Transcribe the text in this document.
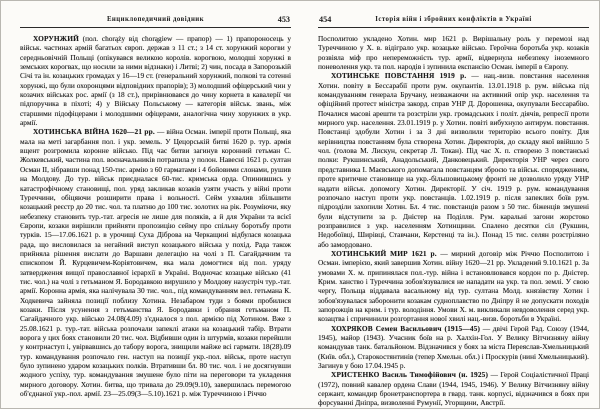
Енциклопедичний довідник	453

ХОРУНЖИЙ (пол. chorąży від chorągiew — прапор) — 1) прапороносець у військ. частинах армій багатьох європ. держав з 11 ст.; з 14 ст. хорунжий корогви у середньовічній Польщі (опікувався великою королів. корогвою, молодші хорунжі в земських корогвах, що носили за ними відзнаки) і Литві; 2) чин, посада в Запорозькій Січі та ін. козацьких громадах у 16—19 ст. (генеральний хорунжий, полкові та сотенні хорунжі, що були охоронцями відповідних прапорів); 3) молодший офіцерський чин у козачих військах рос. армії (з 18 ст.), прирівнювався до чину корнета в кавалерії чи підпоручика в піхоті; 4) у Війську Польському — категорія військ. звань, між старшими підофіцерами і молодшими офіцерами, аналогічна чину хорунжих в укр. армії.

ХОТИНСЬКА ВІЙНА 1620—21 рр. — війна Осман. імперії проти Польщі, яка мала на меті загарбання пол. і укр. земель. У Цецорській битві 1620 р. тур. армія вщент розгромила коронне військо. Під час битви загинув коронний гетьман С. Жолкевський, частина пол. воєначальників потрапила у полон. Навесні 1621 р. султан Осман II, зібравши понад 150-тис. армію з 60 гарматами і 4 бойовими слонами, рушив на Молдову. До тур. військ приєдналася 60-тис. кримська орда. Опинившись у катастрофічному становищі, пол. уряд закликав козаків узяти участь у війні проти Туреччини, обіцяючи розширити права і вольності. Сейм ухвалив збільшити козацький реєстр до 20 тис. чол. та платню до 100 тис. золотих на рік. Розуміючи, яку небезпеку становить тур.-тат. агресія не лише для поляків, а й для України та всієї Європи, козаки вирішили прийняти пропозицію сейму про спільну боротьбу проти турків. 15—17.06.1621 р. в урочищі Суха Діброва на Черкащині відбулася козацька рада, що висловилася за негайний виступ козацького війська у похід. Рада також прийняла рішення вислати до Варшави делегацію на чолі з П. Сагайдачним та єпископом Й. Курцевичем-Коріятовичем, яка мала домогтися від пол. уряду затвердження вищої православної ієрархії в Україні. Водночас козацьке військо (41 тис. чол.) на чолі з гетьманом Я. Бородавкою вирушило у Молдову назустріч тур.-тат. армії. Коронна армія, яка налічувала 30 тис. чол., під командуванням вел. гетьмана К. Ходкевича зайняла позиції поблизу Хотина. Незабаром туди з боями пробилися козаки. Після усунення з гетьманства Я. Бородавки і обрання гетьманом П. Сагайдачного укр. військо 24.08(4.09) з'єдналося з пол. армією під Хотином. Вже з 25.08.1621 р. тур.-тат. війська розпочали запеклі атаки на козацький табір. Втрати ворога у цих боях становили 20 тис. чол. Відбивши один із штурмів, козаки перейшли у контрнаступ і, увірвавшись до табору ворога, знищили майже всі гармати. 18(28).09 тур. командування розпочало ген. наступ на позиції укр.-пол. військ, проте наступ було зупинено ударом козацьких полків. Втративши бл. 80 тис. чол. і не досягнувши жодного успіху, тур. командування змушене було піти на переговори та укладення мирного договору. Хотин. битва, що тривала до 29.09(9.10), завершилась перемогою об'єднаної укр.-пол. армії. 23—25.09(3—5.10).1621 р. між Туреччиною і Річчю

454	Історія війн і збройних конфліктів в Україні

Посполитою укладено Хотин. мир 1621 р. Вирішальну роль у перемозі над Туреччиною у Х. в. відіграло укр. козацьке військо. Героїчна боротьба укр. козаків розвіяла міф про непереможність тур. армії, відвернула небезпеку іноземного поневолення укр. та пол. народів і зупинила експансію Осман. імперії в Європу.

ХОТИНСЬКЕ ПОВСТАННЯ 1919 р. — нац.-визв. повстання населення Хотин. повіту в Бессарабії проти рум. окупантів. 13.01.1918 р. рум. війська під командуванням генерала Бручану, незважаючи на активний опір укр. населення та офіційний протест міністра закорд. справ УНР Д. Дорошенка, окупували Бессарабію. Почалися масові арешти та розстріли укр. громадських і політ. діячів, репресії проти мирного укр. населення. 23.01.1919 р. у Хотин. повіті вибухнуло антирум. повстання. Повстанці здобули Хотин і за 3 дні визволили територію всього повіту. Для керівництва повстанням була створена Хотин. Директорія, до складу якої ввійшло 5 чол. (голова М. Лискун, секретар Л. Токан). Під час Х. п. створено 3 повстанські полки: Рукшинський, Анадольський, Данковецький. Директорія УНР через свого представника І. Маєвського допомагала повстанцям зброєю та військ. спорядженням, проте критичне становище на укр.-більшовицькому фронті не дозволило уряду УНР надати військ. допомогу Хотин. Директорії. У січ. 1919 р. рум. командування розпочало наступ проти укр. повстанців. 1.02.1919 р. після запеклих боїв рум. підрозділи захопили Хотин. Бл. 4 тис. повстанців разом з 50 тис. біженців змушені були відступити за р. Дністер на Поділля. Рум. каральні загони жорстоко розправилися з укр. населенням Хотинщини. Спалено десятки сіл (Рукшин, Недобоївці, Ширівці, Ставчани, Керстенці та ін.). Понад 15 тис. селян розстріляно або замордовано.

ХОТИНСЬКИЙ МИР 1621 р. — мирний договір між Річчю Посполитою і Осман. імперією, який завершив Хотин. війну 1620—21 рр. Укладений 9.10.1621 р. За умовами Х. м. припинялася пол.-тур. війна і встановлювався кордон по р. Дністер. Крим. ханство і Туреччина зобов'язувалися не нападати на укр. та пол. землі. У свою чергу, Польща віддавала васальному від тур. султана Молд. князівству Хотин і зобов'язувалася заборонити козакам судноплавство по Дніпру й не допускати походів запорожців на крим. і тур. володіння. Умови Х. м. викликали невдоволення серед укр. козацтва і спричинили розгортання нової хвилі нац.-визв. боротьби в Україні.

ХОХРЯКОВ Семен Васильович (1915—45) — двічі Герой Рад. Союзу (1944, 1945), майор (1943). Учасник боїв на р. Халхін-Гол. У Велику Вітчизняну війну командував танк. батальйоном. Відзначився у боях за міста Переяслав-Хмельницький (Київ. обл.), Старокостянтинів (тепер Хмельн. обл.) і Проскурів (нині Хмельницький). Загинув у бою 17.04.1945 р.

ХРИСТЕНКО Василь Тимофійович (н. 1925) — Герой Соціалістичної Праці (1972), повний кавалер ордена Слави (1944, 1945, 1946). У Велику Вітчизняну війну сержант, командир бронетранспортера в гвард. танк. корпусі, відзначився в боях при форсуванні Дніпра, визволенні Румунії, Угорщини, Австрії.
